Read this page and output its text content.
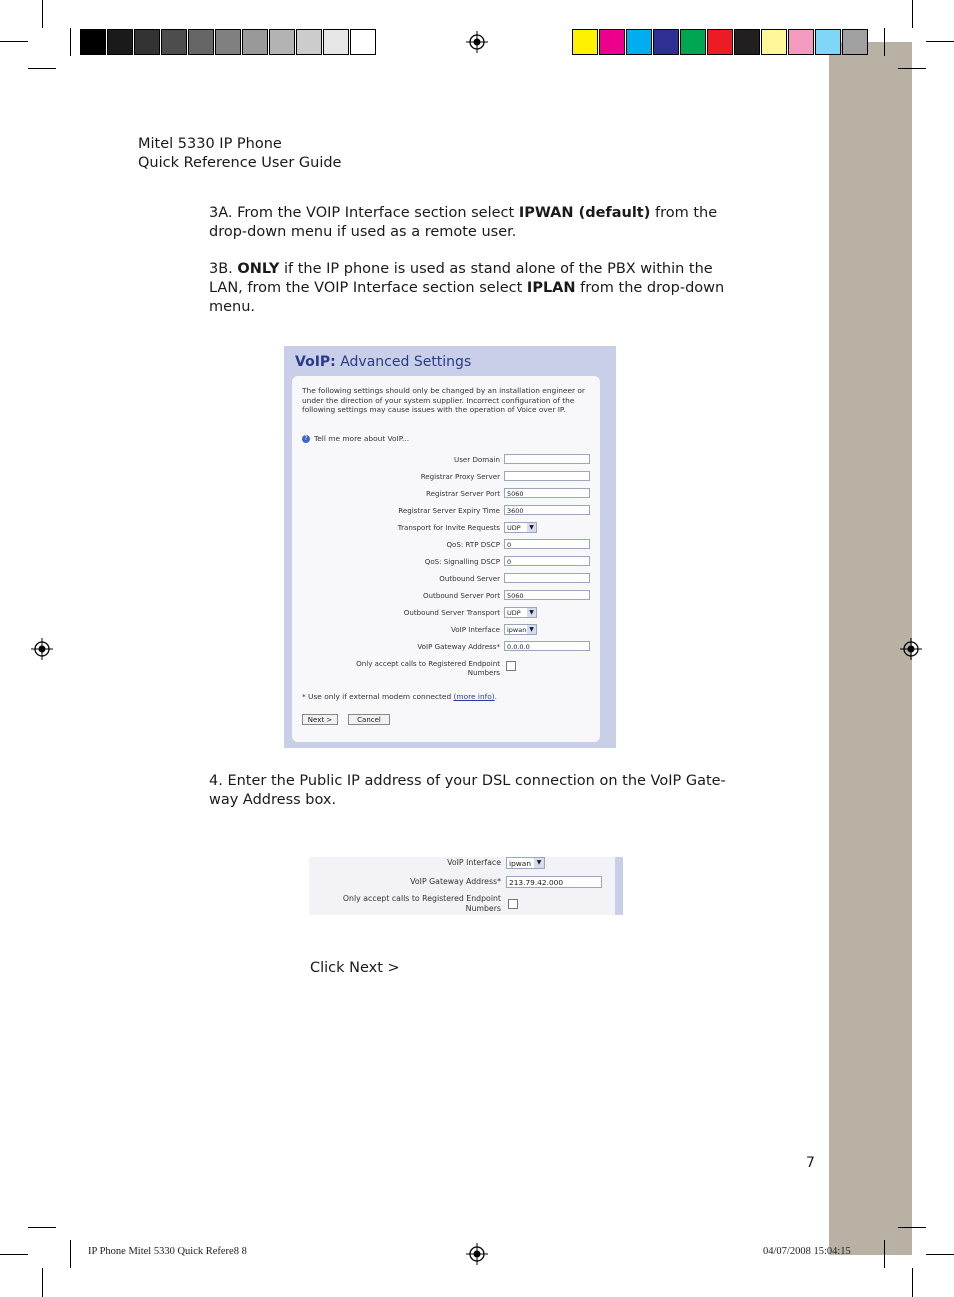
Mitel 5330 IP Phone
Quick Reference User Guide
3A. From the VOIP Interface section select IPWAN (default) from the drop-down menu if used as a remote user.
3B. ONLY if the IP phone is used as stand alone of the PBX within the LAN, from the VOIP Interface section select IPLAN from the drop-down menu.
VoIP: Advanced Settings
The following settings should only be changed by an installation engineer or under the direction of your system supplier. Incorrect configuration of the following settings may cause issues with the operation of Voice over IP.
? Tell me more about VoIP...
User Domain
Registrar Proxy Server
Registrar Server Port	5060
Registrar Server Expiry Time	3600
Transport for Invite Requests	UDP	▼
QoS: RTP DSCP	0
QoS: Signalling DSCP	0
Outbound Server
Outbound Server Port	5060
Outbound Server Transport	UDP	▼
VoIP Interface	ipwan ▼
VoIP Gateway Address*	0.0.0.0
Only accept calls to Registered Endpoint Numbers
* Use only if external modem connected (more info).
Next >	Cancel
4. Enter the Public IP address of your DSL connection on the VoIP Gate-way Address box.
VoIP Interface	ipwan ▼
VoIP Gateway Address*	213.79.42.000
Only accept calls to Registered Endpoint
Numbers
Click Next >
7
IP Phone Mitel 5330 Quick Refere8 8	04/07/2008 15:04:15
